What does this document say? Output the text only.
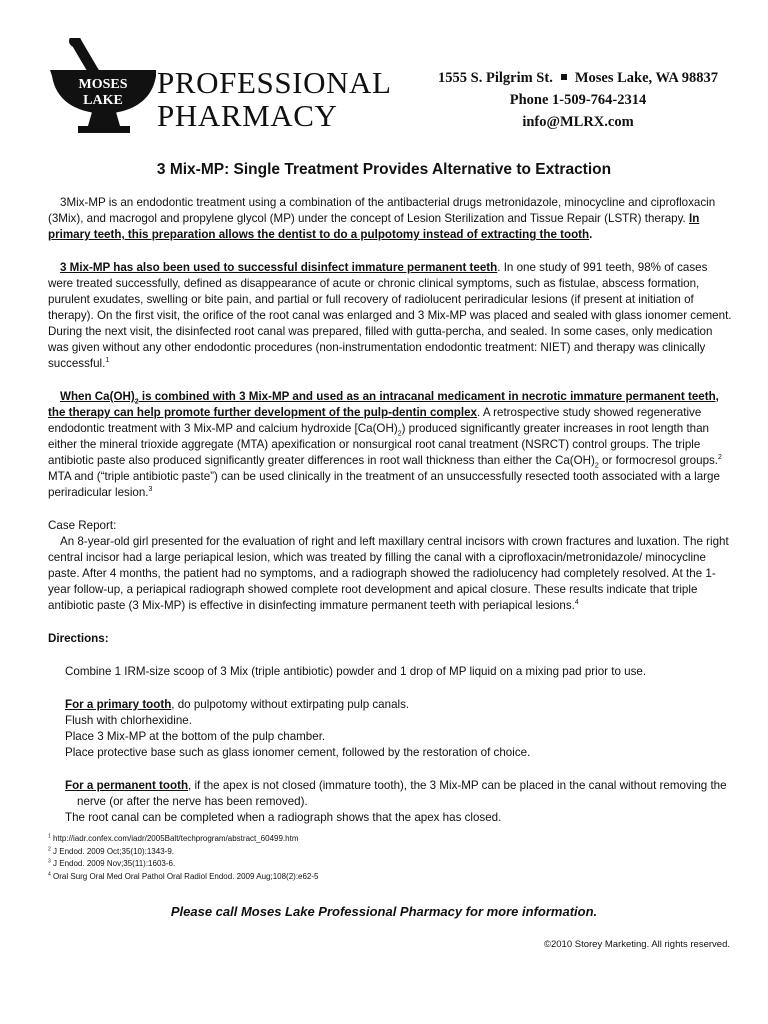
MOSES
LAKE
PROFESSIONAL
PHARMACY
1555 S. Pilgrim St. Moses Lake, WA 98837
Phone 1-509-764-2314
info@MLRX.com
3 Mix-MP: Single Treatment Provides Alternative to Extraction

3Mix-MP is an endodontic treatment using a combination of the antibacterial drugs metronidazole, minocycline and ciprofloxacin (3Mix), and macrogol and propylene glycol (MP) under the concept of Lesion Sterilization and Tissue Repair (LSTR) therapy. In primary teeth, this preparation allows the dentist to do a pulpotomy instead of extracting the tooth.

3 Mix-MP has also been used to successful disinfect immature permanent teeth. In one study of 991 teeth, 98% of cases were treated successfully, defined as disappearance of acute or chronic clinical symptoms, such as fistulae, abscess formation, purulent exudates, swelling or bite pain, and partial or full recovery of radiolucent periradicular lesions (if present at initiation of therapy). On the first visit, the orifice of the root canal was enlarged and 3 Mix-MP was placed and sealed with glass ionomer cement. During the next visit, the disinfected root canal was prepared, filled with gutta-percha, and sealed. In some cases, only medication was given without any other endodontic procedures (non-instrumentation endodontic treatment: NIET) and therapy was clinically successful.$^1$

When $Ca(OH)_2$ is combined with 3 Mix-MP and used as an intracanal medicament in necrotic immature permanent teeth, the therapy can help promote further development of the pulp-dentin complex. A retrospective study showed regenerative endodontic treatment with 3 Mix-MP and calcium hydroxide $[Ca(OH)_2)$ produced significantly greater increases in root length than either the mineral trioxide aggregate (MTA) apexification or nonsurgical root canal treatment (NSRCT) control groups. The triple antibiotic paste also produced significantly greater differences in root wall thickness than either the $Ca(OH)_2$ or formocresol groups.$^2$ MTA and (“triple antibiotic paste”) can be used clinically in the treatment of an unsuccessfully resected tooth associated with a large periradicular lesion.$^3$

Case Report:

An 8-year-old girl presented for the evaluation of right and left maxillary central incisors with crown fractures and luxation. The right central incisor had a large periapical lesion, which was treated by filling the canal with a ciprofloxacin/metronidazole/ minocycline paste. After 4 months, the patient had no symptoms, and a radiograph showed the radiolucency had completely resolved. At the 1-year follow-up, a periapical radiograph showed complete root development and apical closure. These results indicate that triple antibiotic paste (3 Mix-MP) is effective in disinfecting immature permanent teeth with periapical lesions.$^4$

Directions:

Combine 1 IRM-size scoop of 3 Mix (triple antibiotic) powder and 1 drop of MP liquid on a mixing pad prior to use.

For a primary tooth, do pulpotomy without extirpating pulp canals.

Flush with chlorhexidine.

Place 3 Mix-MP at the bottom of the pulp chamber.

Place protective base such as glass ionomer cement, followed by the restoration of choice.

For a permanent tooth, if the apex is not closed (immature tooth), the 3 Mix-MP can be placed in the canal without removing the nerve (or after the nerve has been removed).

The root canal can be completed when a radiograph shows that the apex has closed.

$^1$ http://iadr.confex.com/iadr/2005Balt/techprogram/abstract_60499.htm
$^2$ J Endod. 2009 Oct;35(10):1343-9.
$^3$ J Endod. 2009 Nov;35(11):1603-6.
$^4$ Oral Surg Oral Med Oral Pathol Oral Radiol Endod. 2009 Aug;108(2):e62-5
Please call Moses Lake Professional Pharmacy for more information.
©2010 Storey Marketing. All rights reserved.
